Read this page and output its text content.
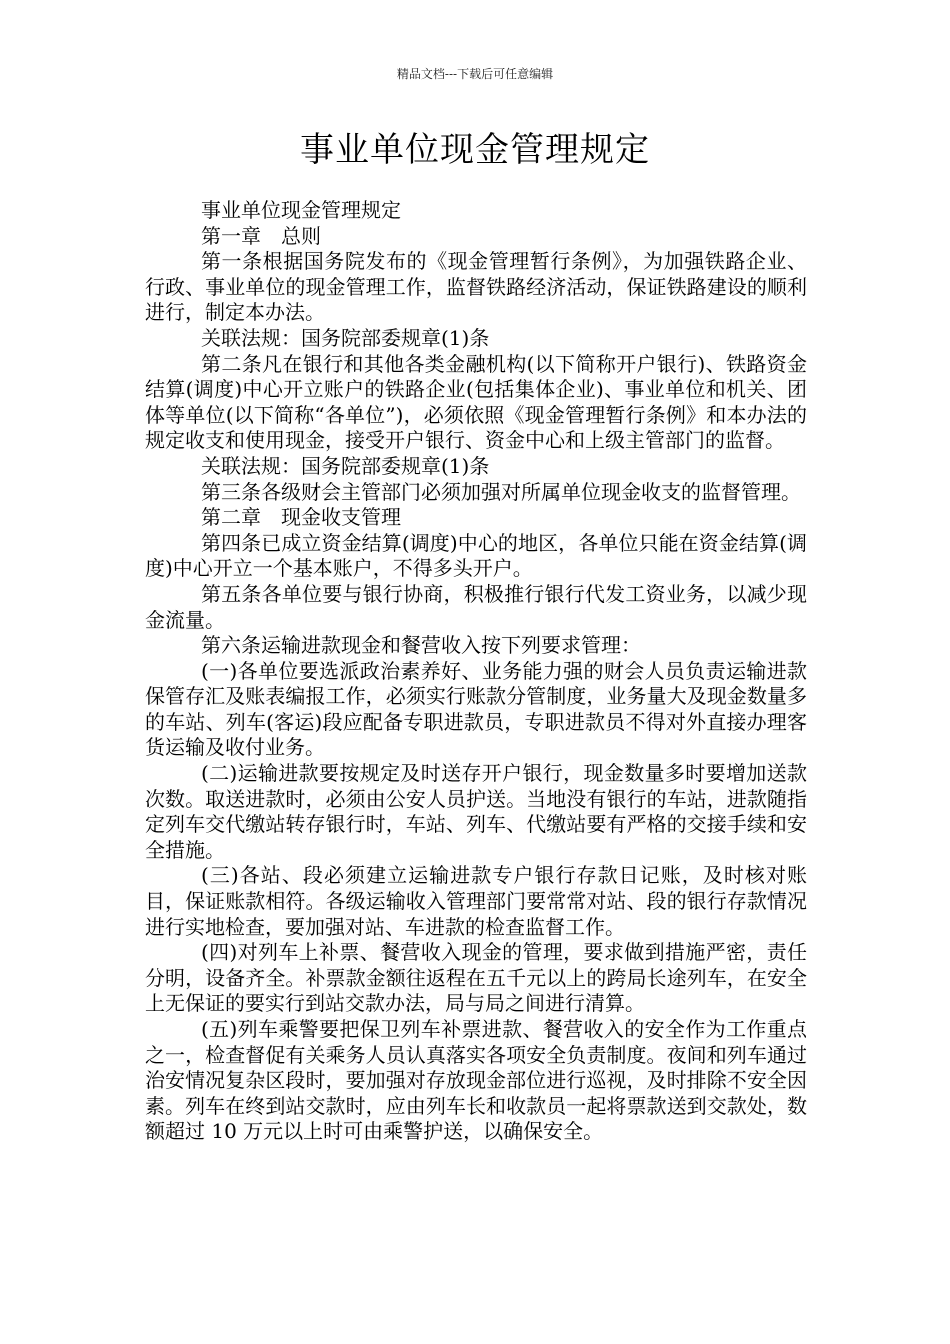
精品文档---下载后可任意编辑
事业单位现金管理规定

事业单位现金管理规定

第一章　总则

第一条根据国务院发布的《现金管理暂行条例》，为加强铁路企业、行政、事业单位的现金管理工作，监督铁路经济活动，保证铁路建设的顺利进行，制定本办法。

关联法规：国务院部委规章(1)条

第二条凡在银行和其他各类金融机构(以下简称开户银行)、铁路资金结算(调度)中心开立账户的铁路企业(包括集体企业)、事业单位和机关、团体等单位(以下简称“各单位”)，必须依照《现金管理暂行条例》和本办法的规定收支和使用现金，接受开户银行、资金中心和上级主管部门的监督。

关联法规：国务院部委规章(1)条

第三条各级财会主管部门必须加强对所属单位现金收支的监督管理。

第二章　现金收支管理

第四条已成立资金结算(调度)中心的地区，各单位只能在资金结算(调度)中心开立一个基本账户，不得多头开户。

第五条各单位要与银行协商，积极推行银行代发工资业务，以减少现金流量。

第六条运输进款现金和餐营收入按下列要求管理：

(一)各单位要选派政治素养好、业务能力强的财会人员负责运输进款保管存汇及账表编报工作，必须实行账款分管制度，业务量大及现金数量多的车站、列车(客运)段应配备专职进款员，专职进款员不得对外直接办理客货运输及收付业务。

(二)运输进款要按规定及时送存开户银行，现金数量多时要增加送款次数。取送进款时，必须由公安人员护送。当地没有银行的车站，进款随指定列车交代缴站转存银行时，车站、列车、代缴站要有严格的交接手续和安全措施。

(三)各站、段必须建立运输进款专户银行存款日记账，及时核对账目，保证账款相符。各级运输收入管理部门要常常对站、段的银行存款情况进行实地检查，要加强对站、车进款的检查监督工作。

(四)对列车上补票、餐营收入现金的管理，要求做到措施严密，责任分明，设备齐全。补票款金额往返程在五千元以上的跨局长途列车，在安全上无保证的要实行到站交款办法，局与局之间进行清算。

(五)列车乘警要把保卫列车补票进款、餐营收入的安全作为工作重点之一，检查督促有关乘务人员认真落实各项安全负责制度。夜间和列车通过治安情况复杂区段时，要加强对存放现金部位进行巡视，及时排除不安全因素。列车在终到站交款时，应由列车长和收款员一起将票款送到交款处，数额超过 10 万元以上时可由乘警护送，以确保安全。
